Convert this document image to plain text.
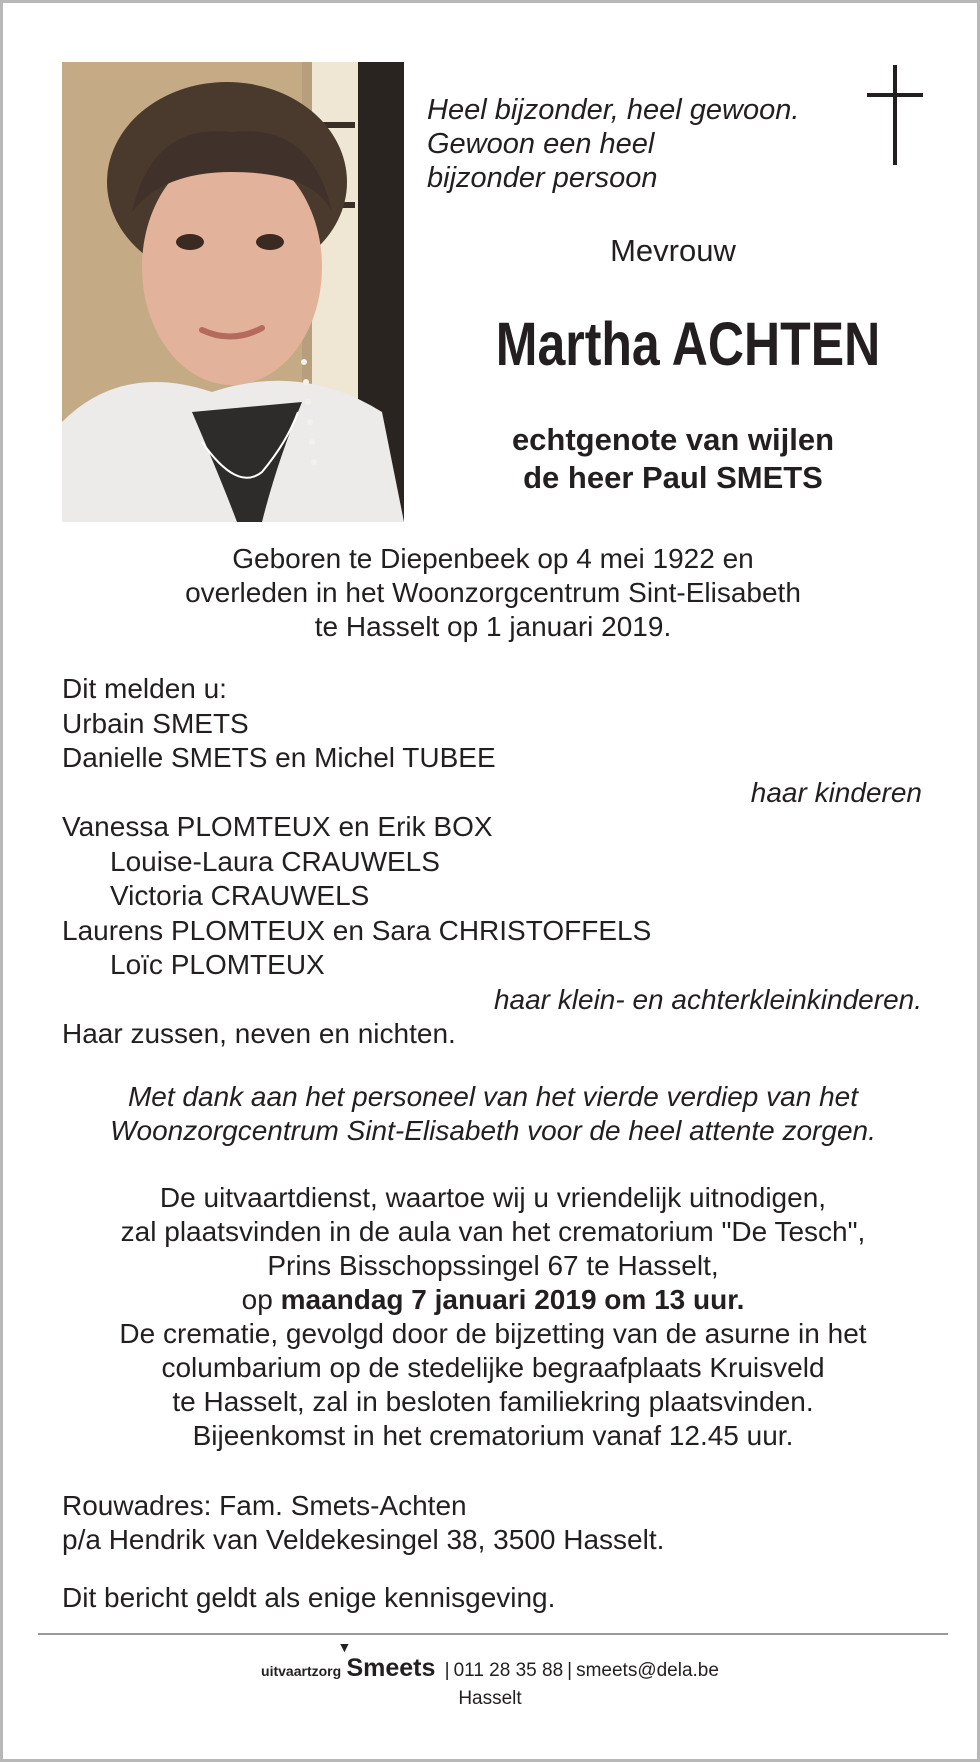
Heel bijzonder, heel gewoon.
Gewoon een heel
bijzonder persoon
Mevrouw
Martha ACHTEN
echtgenote van wijlen
de heer Paul SMETS
Geboren te Diepenbeek op 4 mei 1922 en
overleden in het Woonzorgcentrum Sint-Elisabeth
te Hasselt op 1 januari 2019.
Dit melden u:
Urbain SMETS
Danielle SMETS en Michel TUBEE
haar kinderen
Vanessa PLOMTEUX en Erik BOX
Louise-Laura CRAUWELS
Victoria CRAUWELS
Laurens PLOMTEUX en Sara CHRISTOFFELS
Loïc PLOMTEUX
haar klein- en achterkleinkinderen.
Haar zussen, neven en nichten.
Met dank aan het personeel van het vierde verdiep van het
Woonzorgcentrum Sint-Elisabeth voor de heel attente zorgen.
De uitvaartdienst, waartoe wij u vriendelijk uitnodigen,
zal plaatsvinden in de aula van het crematorium "De Tesch",
Prins Bisschopssingel 67 te Hasselt,
op maandag 7 januari 2019 om 13 uur.
De crematie, gevolgd door de bijzetting van de asurne in het
columbarium op de stedelijke begraafplaats Kruisveld
te Hasselt, zal in besloten familiekring plaatsvinden.
Bijeenkomst in het crematorium vanaf 12.45 uur.
Rouwadres: Fam. Smets-Achten
p/a Hendrik van Veldekesingel 38, 3500 Hasselt.
Dit bericht geldt als enige kennisgeving.
uitvaartzorg
▼
Smeets | 011 28 35 88 | smeets@dela.be
Hasselt
